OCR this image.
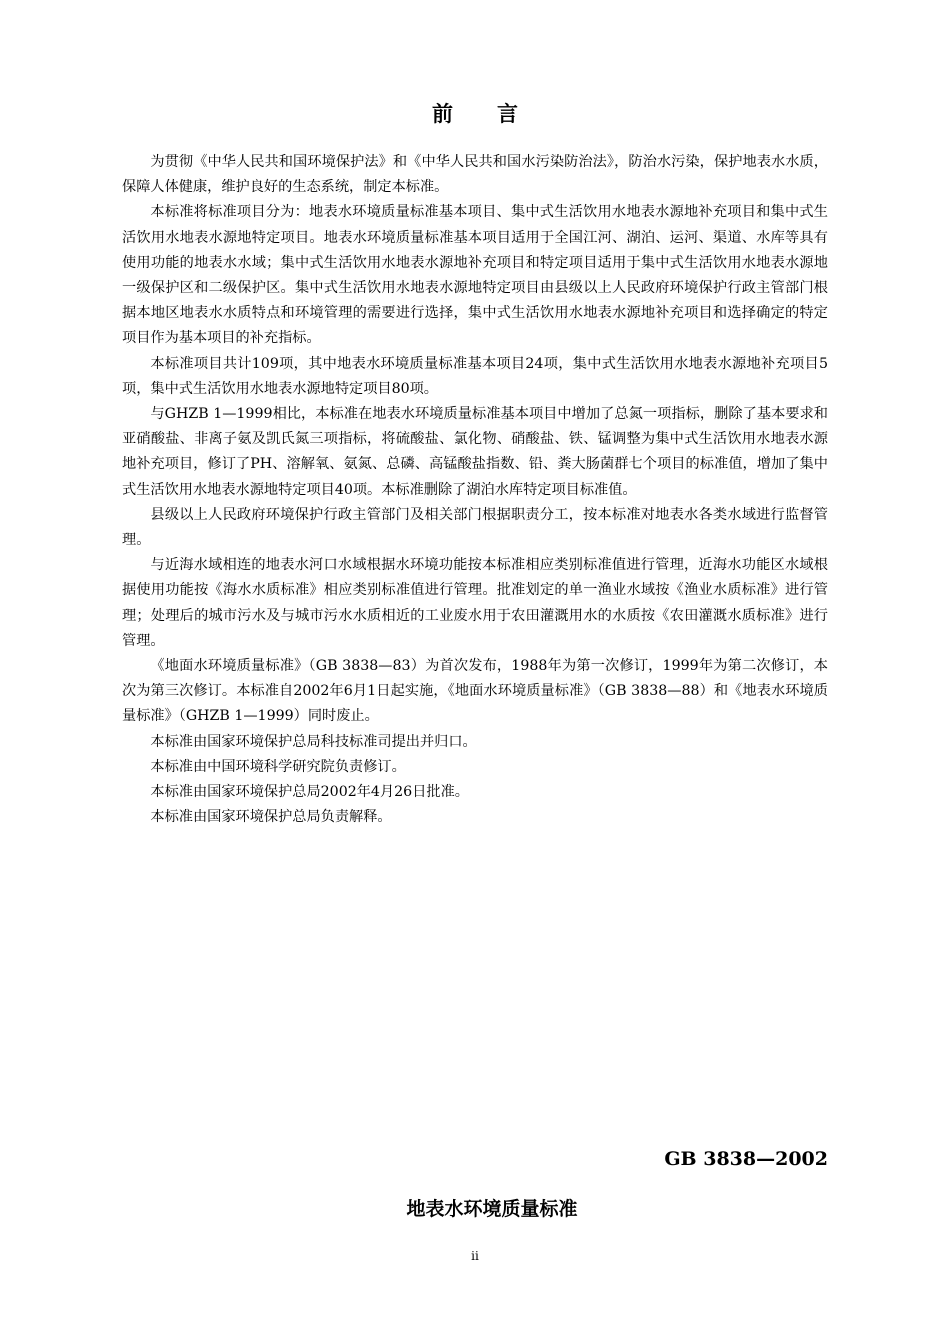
前言

为贯彻《中华人民共和国环境保护法》和《中华人民共和国水污染防治法》，防治水污染，保护地表水水质，保障人体健康，维护良好的生态系统，制定本标准。

本标准将标准项目分为：地表水环境质量标准基本项目、集中式生活饮用水地表水源地补充项目和集中式生活饮用水地表水源地特定项目。地表水环境质量标准基本项目适用于全国江河、湖泊、运河、渠道、水库等具有使用功能的地表水水域；集中式生活饮用水地表水源地补充项目和特定项目适用于集中式生活饮用水地表水源地一级保护区和二级保护区。集中式生活饮用水地表水源地特定项目由县级以上人民政府环境保护行政主管部门根据本地区地表水水质特点和环境管理的需要进行选择，集中式生活饮用水地表水源地补充项目和选择确定的特定项目作为基本项目的补充指标。

本标准项目共计109项，其中地表水环境质量标准基本项目24项，集中式生活饮用水地表水源地补充项目5项，集中式生活饮用水地表水源地特定项目80项。

与GHZB 1—1999相比，本标准在地表水环境质量标准基本项目中增加了总氮一项指标，删除了基本要求和亚硝酸盐、非离子氨及凯氏氮三项指标，将硫酸盐、氯化物、硝酸盐、铁、锰调整为集中式生活饮用水地表水源地补充项目，修订了PH、溶解氧、氨氮、总磷、高锰酸盐指数、铅、粪大肠菌群七个项目的标准值，增加了集中式生活饮用水地表水源地特定项目40项。本标准删除了湖泊水库特定项目标准值。

县级以上人民政府环境保护行政主管部门及相关部门根据职责分工，按本标准对地表水各类水域进行监督管理。

与近海水域相连的地表水河口水域根据水环境功能按本标准相应类别标准值进行管理，近海水功能区水域根据使用功能按《海水水质标准》相应类别标准值进行管理。批准划定的单一渔业水域按《渔业水质标准》进行管理；处理后的城市污水及与城市污水水质相近的工业废水用于农田灌溉用水的水质按《农田灌溉水质标准》进行管理。

《地面水环境质量标准》（GB 3838—83）为首次发布，1988年为第一次修订，1999年为第二次修订，本次为第三次修订。本标准自2002年6月1日起实施，《地面水环境质量标准》（GB 3838—88）和《地表水环境质量标准》（GHZB 1—1999）同时废止。

本标准由国家环境保护总局科技标准司提出并归口。

本标准由中国环境科学研究院负责修订。

本标准由国家环境保护总局2002年4月26日批准。

本标准由国家环境保护总局负责解释。

GB 3838—2002
地表水环境质量标准
ii
